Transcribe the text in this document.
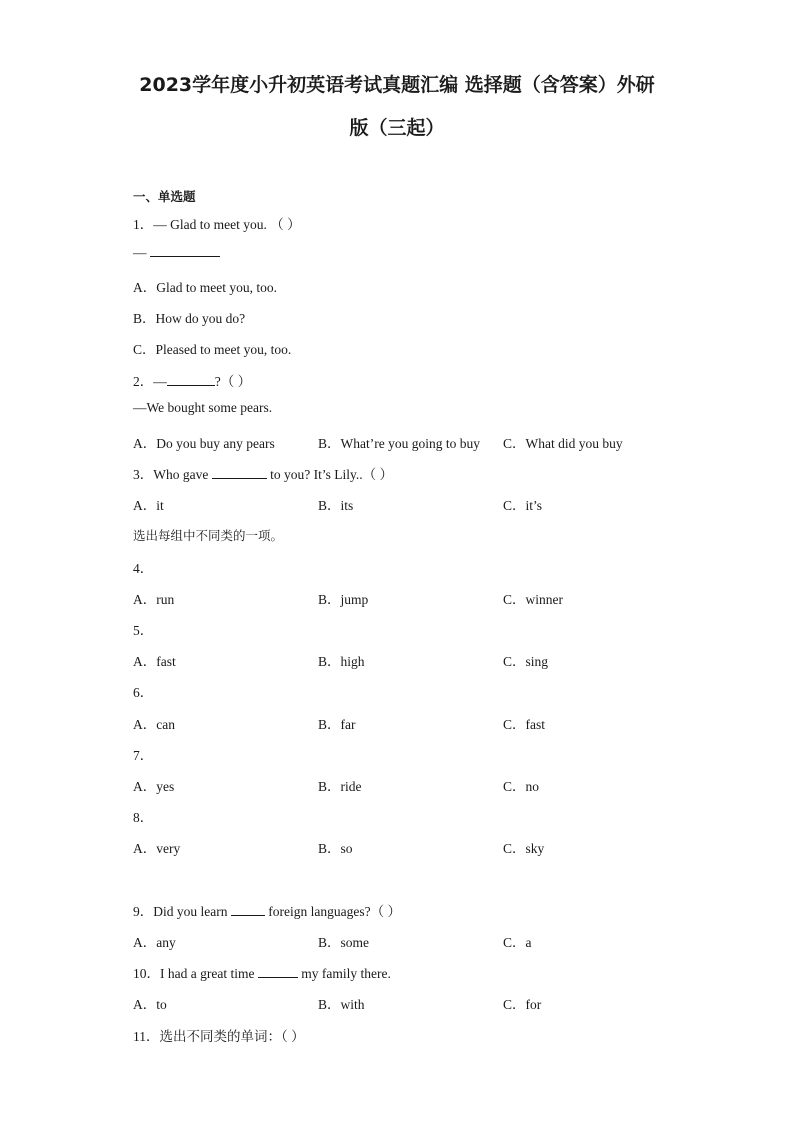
2023学年度小升初英语考试真题汇编 选择题（含答案）外研
版（三起）
一、单选题
1．— Glad to meet you. （ ）
—
A．Glad to meet you, too.
B．How do you do?
C．Pleased to meet you, too.
2．—	?（ ）
—We bought some pears.
A．Do you buy any pears	B．What’re you going to buy C．What did you buy
3．Who gave	to you? It’s Lily..（ ）
A．it	B．its	C．it’s
选出每组中不同类的一项。
4．
A．run	B．jump	C．winner
5．
A．fast	B．high	C．sing
6．
A．can	B．far	C．fast
7．
A．yes	B．ride	C．no
8．
A．very	B．so	C．sky
9．Did you learn	foreign languages?（ ）
A．any	B．some	C．a
10．I had a great time	my family there.
A．to	B．with	C．for
11．选出不同类的单词：（ ）
